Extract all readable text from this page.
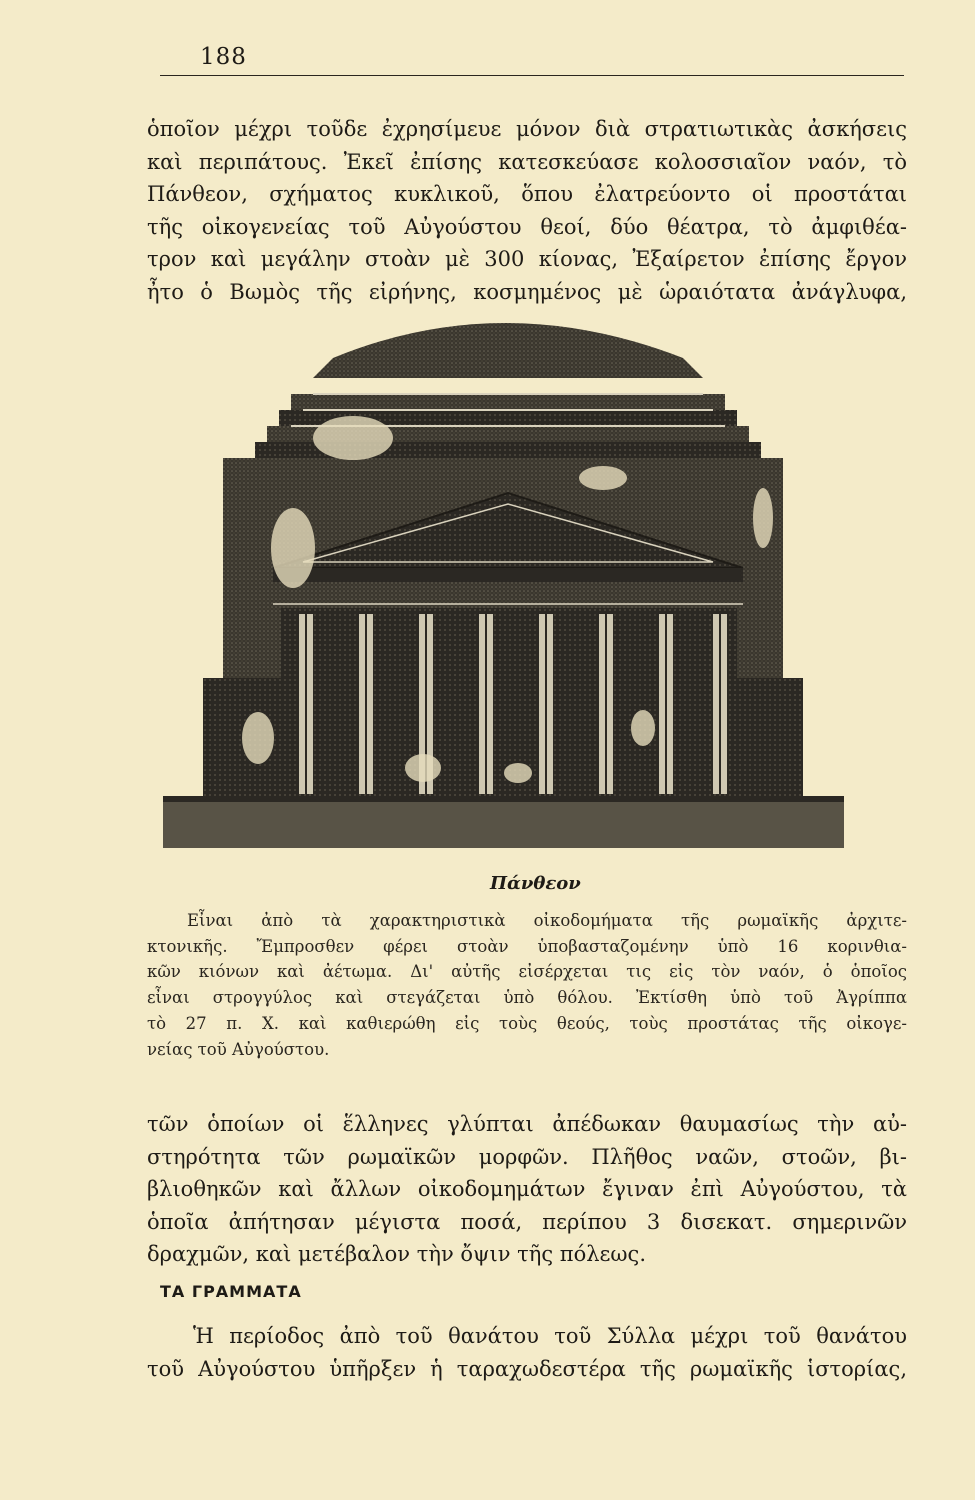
188
ὁποῖον μέχρι τοῦδε ἐχρησίμευε μόνον διὰ στρατιωτικὰς ἀσκήσεις
καὶ περιπάτους. Ἐκεῖ ἐπίσης κατεσκεύασε κολοσσιαῖον ναόν, τὸ
Πάνθεον, σχήματος κυκλικοῦ, ὅπου ἐλατρεύοντο οἱ προστάται
τῆς οἰκογενείας τοῦ Αὐγούστου θεοί, δύο θέατρα, τὸ ἀμφιθέα-
τρον καὶ μεγάλην στοὰν μὲ 300 κίονας, Ἐξαίρετον ἐπίσης ἔργον
ἦτο ὁ Βωμὸς τῆς εἰρήνης, κοσμημένος μὲ ὡραιότατα ἀνάγλυφα,
Πάνθεον
Εἶναι ἀπὸ τὰ χαρακτηριστικὰ οἰκοδομήματα τῆς ρωμαϊκῆς ἀρχιτε-
κτονικῆς. Ἔμπροσθεν φέρει στοὰν ὑποβασταζομένην ὑπὸ 16 κορινθια-
κῶν κιόνων καὶ ἀέτωμα. Δι' αὐτῆς εἰσέρχεται τις εἰς τὸν ναόν, ὁ ὁποῖος
εἶναι στρογγύλος καὶ στεγάζεται ὑπὸ θόλου. Ἐκτίσθη ὑπὸ τοῦ Ἀγρίππα
τὸ 27 π. Χ. καὶ καθιερώθη εἰς τοὺς θεούς, τοὺς προστάτας τῆς οἰκογε-
νείας τοῦ Αὐγούστου.
τῶν ὁποίων οἱ ἕλληνες γλύπται ἀπέδωκαν θαυμασίως τὴν αὐ-
στηρότητα τῶν ρωμαϊκῶν μορφῶν. Πλῆθος ναῶν, στοῶν, βι-
βλιοθηκῶν καὶ ἄλλων οἰκοδομημάτων ἔγιναν ἐπὶ Αὐγούστου, τὰ
ὁποῖα ἀπήτησαν μέγιστα ποσά, περίπου 3 δισεκατ. σημερινῶν
δραχμῶν, καὶ μετέβαλον τὴν ὄψιν τῆς πόλεως.
ΤΑ ΓΡΑΜΜΑΤΑ
Ἡ περίοδος ἀπὸ τοῦ θανάτου τοῦ Σύλλα μέχρι τοῦ θανάτου
τοῦ Αὐγούστου ὑπῆρξεν ἡ ταραχωδεστέρα τῆς ρωμαϊκῆς ἱστορίας,
